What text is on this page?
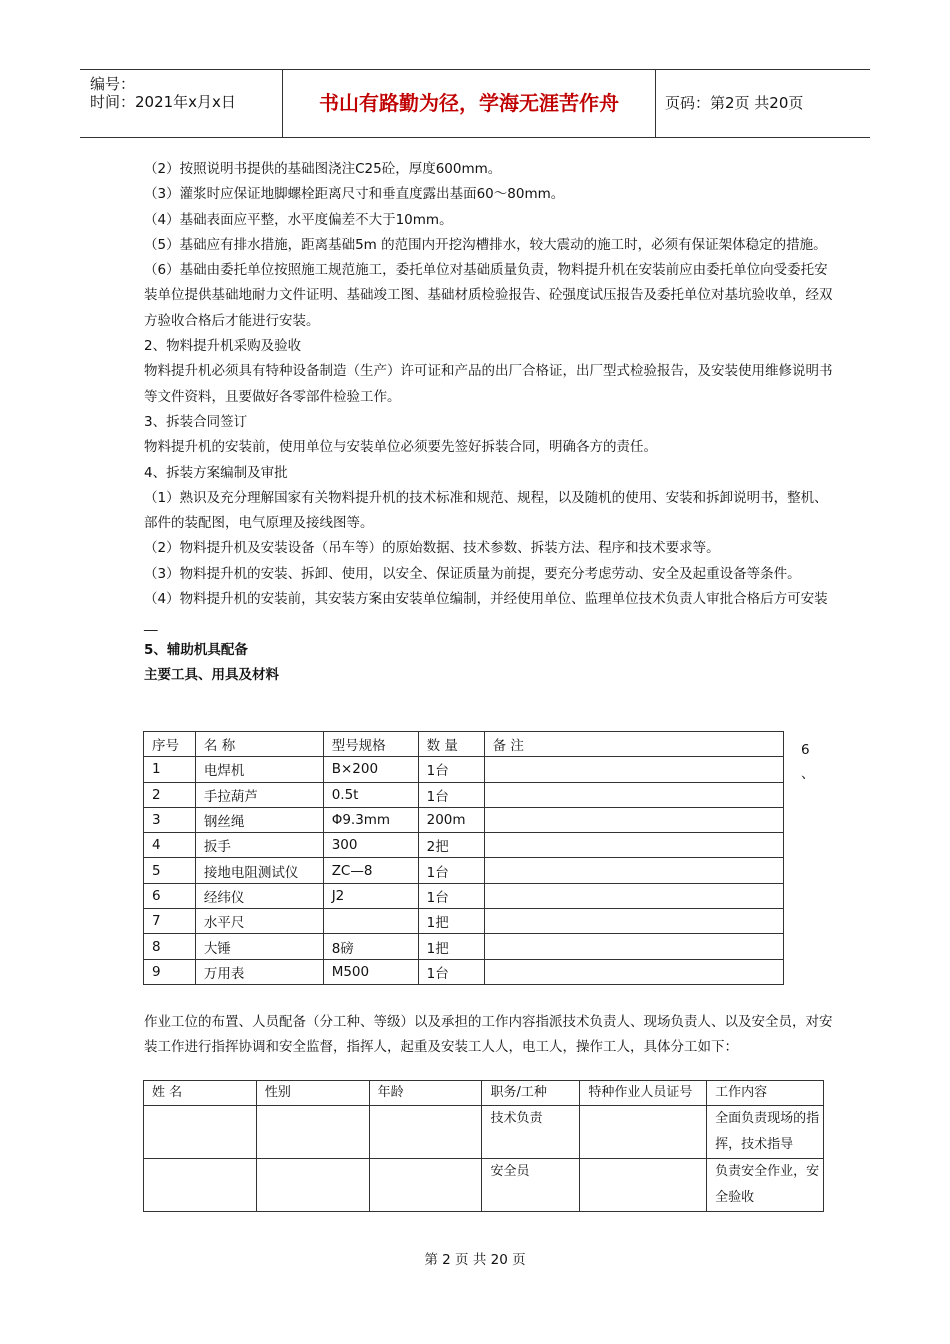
编号：
时间：2021年x月x日	书山有路勤为径，学海无涯苦作舟	页码：第2页 共20页

（2）按照说明书提供的基础图浇注C25砼，厚度600mm。

（3）灌浆时应保证地脚螺栓距离尺寸和垂直度露出基面60～80mm。

（4）基础表面应平整，水平度偏差不大于10mm。

（5）基础应有排水措施，距离基础5m 的范围内开挖沟槽排水，较大震动的施工时，必须有保证架体稳定的措施。

（6）基础由委托单位按照施工规范施工，委托单位对基础质量负责，物料提升机在安装前应由委托单位向受委托安装单位提供基础地耐力文件证明、基础竣工图、基础材质检验报告、砼强度试压报告及委托单位对基坑验收单，经双方验收合格后才能进行安装。

2、物料提升机采购及验收

物料提升机必须具有特种设备制造（生产）许可证和产品的出厂合格证，出厂型式检验报告，及安装使用维修说明书等文件资料，且要做好各零部件检验工作。

3、拆装合同签订

物料提升机的安装前，使用单位与安装单位必须要先签好拆装合同，明确各方的责任。

4、拆装方案编制及审批

（1）熟识及充分理解国家有关物料提升机的技术标准和规范、规程，以及随机的使用、安装和拆卸说明书，整机、部件的装配图，电气原理及接线图等。

（2）物料提升机及安装设备（吊车等）的原始数据、技术参数、拆装方法、程序和技术要求等。

（3）物料提升机的安装、拆卸、使用，以安全、保证质量为前提，要充分考虑劳动、安全及起重设备等条件。

（4）物料提升机的安装前，其安装方案由安装单位编制，并经使用单位、监理单位技术负责人审批合格后方可安装__

5、辅助机具配备

主要工具、用具及材料

序号	名 称	型号规格	数 量	备 注
1	电焊机	B×200	1台	
2	手拉葫芦	0.5t	1台	
3	钢丝绳	Φ9.3mm	200m	
4	扳手	300	2把	
5	接地电阻测试仪	ZC—8	1台	
6	经纬仪	J2	1台	
7	水平尺		1把	
8	大锤	8磅	1把	
9	万用表	M500	1台	
6
、

作业工位的布置、人员配备（分工种、等级）以及承担的工作内容指派技术负责人、现场负责人、以及安全员，对安装工作进行指挥协调和安全监督，指挥人，起重及安装工人人，电工人，操作工人，具体分工如下：

姓 名	性别	年龄	职务/工种	特种作业人员证号	工作内容
			技术负责		全面负责现场的指挥，技术指导
			安全员		负责安全作业，安全验收
第 2 页 共 20 页
